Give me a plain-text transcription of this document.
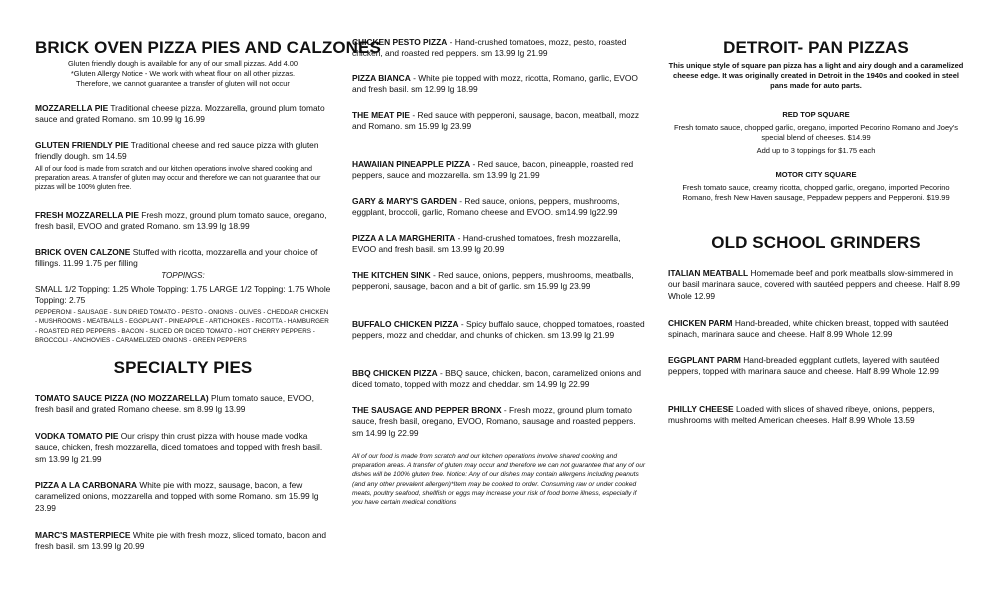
BRICK OVEN PIZZA PIES AND CALZONES
Gluten friendly dough is available for any of our small pizzas. Add 4.00
*Gluten Allergy Notice - We work with wheat flour on all other pizzas.
Therefore, we cannot guarantee a transfer of gluten will not occur
MOZZARELLA PIE Traditional cheese pizza. Mozzarella, ground plum tomato sauce and grated Romano. sm 10.99 lg 16.99
GLUTEN FRIENDLY PIE Traditional cheese and red sauce pizza with gluten friendly dough. sm 14.59
All of our food is made from scratch and our kitchen operations involve shared cooking and preparation areas. A transfer of gluten may occur and therefore we can not guarantee that our pizzas will be 100% gluten free.
FRESH MOZZARELLA PIE Fresh mozz, ground plum tomato sauce, oregano, fresh basil, EVOO and grated Romano. sm 13.99 lg 18.99
BRICK OVEN CALZONE Stuffed with ricotta, mozzarella and your choice of fillings. 11.99 1.75 per filling
TOPPINGS:
SMALL 1/2 Topping: 1.25 Whole Topping: 1.75 LARGE 1/2 Topping: 1.75 Whole Topping: 2.75
PEPPERONI - SAUSAGE - SUN DRIED TOMATO - PESTO - ONIONS - OLIVES - CHEDDAR CHICKEN - MUSHROOMS - MEATBALLS - EGGPLANT - PINEAPPLE - ARTICHOKES - RICOTTA - HAMBURGER - ROASTED RED PEPPERS - BACON - SLICED OR DICED TOMATO - HOT CHERRY PEPPERS - BROCCOLI - ANCHOVIES - CARAMELIZED ONIONS - GREEN PEPPERS
SPECIALTY PIES
TOMATO SAUCE PIZZA (NO MOZZARELLA) Plum tomato sauce, EVOO, fresh basil and grated Romano cheese. sm 8.99 lg 13.99
VODKA TOMATO PIE Our crispy thin crust pizza with house made vodka sauce, chicken, fresh mozzarella, diced tomatoes and topped with fresh basil. sm 13.99 lg 21.99
PIZZA A LA CARBONARA White pie with mozz, sausage, bacon, a few caramelized onions, mozzarella and topped with some Romano. sm 15.99 lg 23.99
MARC'S MASTERPIECE White pie with fresh mozz, sliced tomato, bacon and fresh basil. sm 13.99 lg 20.99
CHICKEN PESTO PIZZA - Hand-crushed tomatoes, mozz, pesto, roasted chicken, and roasted red peppers. sm 13.99 lg 21.99
PIZZA BIANCA - White pie topped with mozz, ricotta, Romano, garlic, EVOO and fresh basil. sm 12.99 lg 18.99
THE MEAT PIE - Red sauce with pepperoni, sausage, bacon, meatball, mozz and Romano. sm 15.99 lg 23.99
HAWAIIAN PINEAPPLE PIZZA - Red sauce, bacon, pineapple, roasted red peppers, sauce and mozzarella. sm 13.99 lg 21.99
GARY & MARY'S GARDEN - Red sauce, onions, peppers, mushrooms, eggplant, broccoli, garlic, Romano cheese and EVOO. sm14.99 lg22.99
PIZZA A LA MARGHERITA - Hand-crushed tomatoes, fresh mozzarella, EVOO and fresh basil. sm 13.99 lg 20.99
THE KITCHEN SINK - Red sauce, onions, peppers, mushrooms, meatballs, pepperoni, sausage, bacon and a bit of garlic. sm 15.99 lg 23.99
BUFFALO CHICKEN PIZZA - Spicy buffalo sauce, chopped tomatoes, roasted peppers, mozz and cheddar, and chunks of chicken. sm 13.99 lg 21.99
BBQ CHICKEN PIZZA - BBQ sauce, chicken, bacon, caramelized onions and diced tomato, topped with mozz and cheddar. sm 14.99 lg 22.99
THE SAUSAGE AND PEPPER BRONX - Fresh mozz, ground plum tomato sauce, fresh basil, oregano, EVOO, Romano, sausage and roasted peppers. sm 14.99 lg 22.99
All of our food is made from scratch and our kitchen operations involve shared cooking and preparation areas. A transfer of gluten may occur and therefore we can not guarantee that any of our dishes will be 100% gluten free. Notice: Any of our dishes may contain allergens including peanuts (and any other prevalent allergen)*Item may be cooked to order. Consuming raw or under cooked meats, poultry seafood, shellfish or eggs may increase your risk of food borne illness, especially if you have certain medical conditions
DETROIT- PAN PIZZAS
This unique style of square pan pizza has a light and airy dough and a caramelized cheese edge. It was originally created in Detroit in the 1940s and cooked in steel pans made for auto parts.
RED TOP SQUARE
Fresh tomato sauce, chopped garlic, oregano, imported Pecorino Romano and Joey's special blend of cheeses. $14.99
Add up to 3 toppings for $1.75 each
MOTOR CITY SQUARE
Fresh tomato sauce, creamy ricotta, chopped garlic, oregano, imported Pecorino Romano, fresh New Haven sausage, Peppadew peppers and Pepperoni. $19.99
OLD SCHOOL GRINDERS
ITALIAN MEATBALL Homemade beef and pork meatballs slow-simmered in our basil marinara sauce, covered with sautéed peppers and cheese. Half 8.99 Whole 12.99
CHICKEN PARM Hand-breaded, white chicken breast, topped with sautéed spinach, marinara sauce and cheese. Half 8.99 Whole 12.99
EGGPLANT PARM Hand-breaded eggplant cutlets, layered with sautéed peppers, topped with marinara sauce and cheese. Half 8.99 Whole 12.99
PHILLY CHEESE Loaded with slices of shaved ribeye, onions, peppers, mushrooms with melted American cheeses. Half 8.99 Whole 13.59
